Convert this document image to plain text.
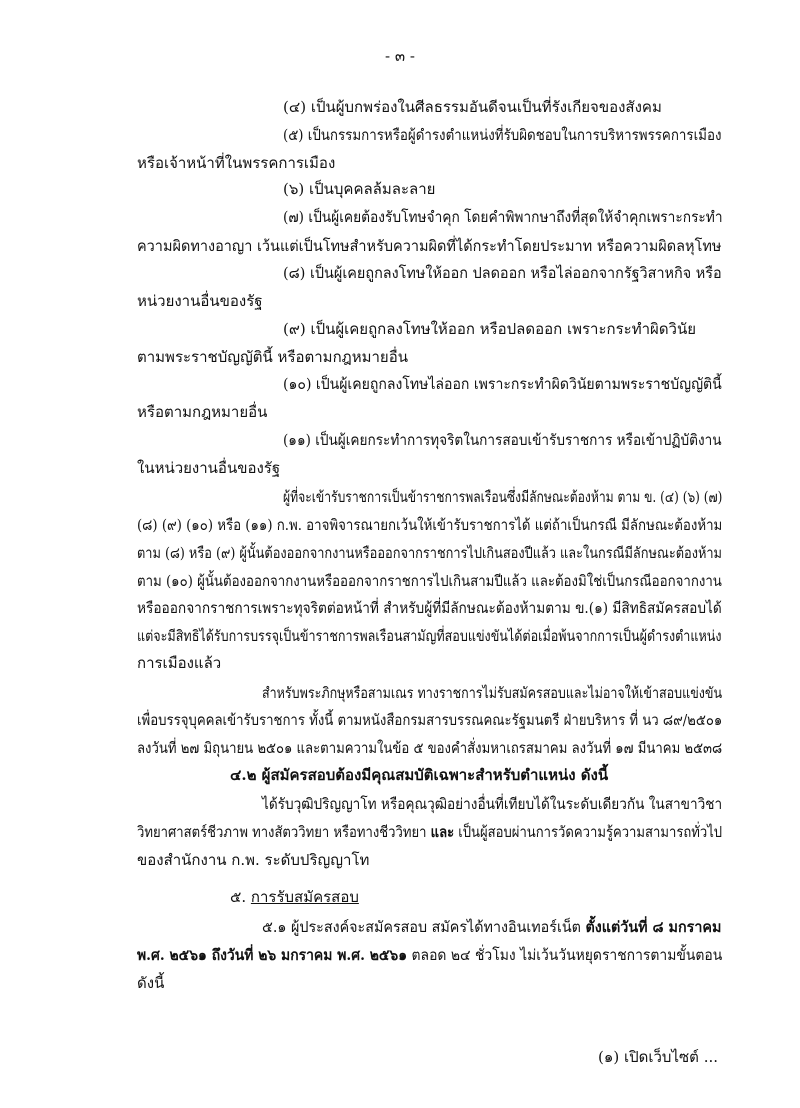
- ๓ -
(๔) เป็นผู้บกพร่องในศีลธรรมอันดีจนเป็นที่รังเกียจของสังคม
(๕) เป็นกรรมการหรือผู้ดำรงตำแหน่งที่รับผิดชอบในการบริหารพรรคการเมือง
หรือเจ้าหน้าที่ในพรรคการเมือง
(๖) เป็นบุคคลล้มละลาย
(๗) เป็นผู้เคยต้องรับโทษจำคุก โดยคำพิพากษาถึงที่สุดให้จำคุกเพราะกระทำ
ความผิดทางอาญา เว้นแต่เป็นโทษสำหรับความผิดที่ได้กระทำโดยประมาท หรือความผิดลหุโทษ
(๘) เป็นผู้เคยถูกลงโทษให้ออก ปลดออก หรือไล่ออกจากรัฐวิสาหกิจ หรือ
หน่วยงานอื่นของรัฐ
(๙) เป็นผู้เคยถูกลงโทษให้ออก หรือปลดออก เพราะกระทำผิดวินัย
ตามพระราชบัญญัตินี้ หรือตามกฎหมายอื่น
(๑๐) เป็นผู้เคยถูกลงโทษไล่ออก เพราะกระทำผิดวินัยตามพระราชบัญญัตินี้
หรือตามกฎหมายอื่น
(๑๑) เป็นผู้เคยกระทำการทุจริตในการสอบเข้ารับราชการ หรือเข้าปฏิบัติงาน
ในหน่วยงานอื่นของรัฐ
ผู้ที่จะเข้ารับราชการเป็นข้าราชการพลเรือนซึ่งมีลักษณะต้องห้าม ตาม ข. (๔) (๖) (๗)
(๘) (๙) (๑๐) หรือ (๑๑) ก.พ. อาจพิจารณายกเว้นให้เข้ารับราชการได้ แต่ถ้าเป็นกรณี มีลักษณะต้องห้าม
ตาม (๘) หรือ (๙) ผู้นั้นต้องออกจากงานหรือออกจากราชการไปเกินสองปีแล้ว และในกรณีมีลักษณะต้องห้าม
ตาม (๑๐) ผู้นั้นต้องออกจากงานหรือออกจากราชการไปเกินสามปีแล้ว และต้องมิใช่เป็นกรณีออกจากงาน
หรือออกจากราชการเพราะทุจริตต่อหน้าที่ สำหรับผู้ที่มีลักษณะต้องห้ามตาม ข.(๑) มีสิทธิสมัครสอบได้
แต่จะมีสิทธิได้รับการบรรจุเป็นข้าราชการพลเรือนสามัญที่สอบแข่งขันได้ต่อเมื่อพ้นจากการเป็นผู้ดำรงตำแหน่ง
การเมืองแล้ว
สำหรับพระภิกษุหรือสามเณร ทางราชการไม่รับสมัครสอบและไม่อาจให้เข้าสอบแข่งขัน
เพื่อบรรจุบุคคลเข้ารับราชการ ทั้งนี้ ตามหนังสือกรมสารบรรณคณะรัฐมนตรี ฝ่ายบริหาร ที่ นว ๘๙/๒๕๐๑
ลงวันที่ ๒๗ มิถุนายน ๒๕๐๑ และตามความในข้อ ๕ ของคำสั่งมหาเถรสมาคม ลงวันที่ ๑๗ มีนาคม ๒๕๓๘
๔.๒ ผู้สมัครสอบต้องมีคุณสมบัติเฉพาะสำหรับตำแหน่ง ดังนี้
ได้รับวุฒิปริญญาโท หรือคุณวุฒิอย่างอื่นที่เทียบได้ในระดับเดียวกัน ในสาขาวิชา
วิทยาศาสตร์ชีวภาพ ทางสัตววิทยา หรือทางชีววิทยา และ เป็นผู้สอบผ่านการวัดความรู้ความสามารถทั่วไป
ของสำนักงาน ก.พ. ระดับปริญญาโท
๕. การรับสมัครสอบ
๕.๑ ผู้ประสงค์จะสมัครสอบ สมัครได้ทางอินเทอร์เน็ต ตั้งแต่วันที่ ๘ มกราคม
พ.ศ. ๒๕๖๑ ถึงวันที่ ๒๖ มกราคม พ.ศ. ๒๕๖๑ ตลอด ๒๔ ชั่วโมง ไม่เว้นวันหยุดราชการตามขั้นตอน
ดังนี้
(๑) เปิดเว็บไซต์ ...
